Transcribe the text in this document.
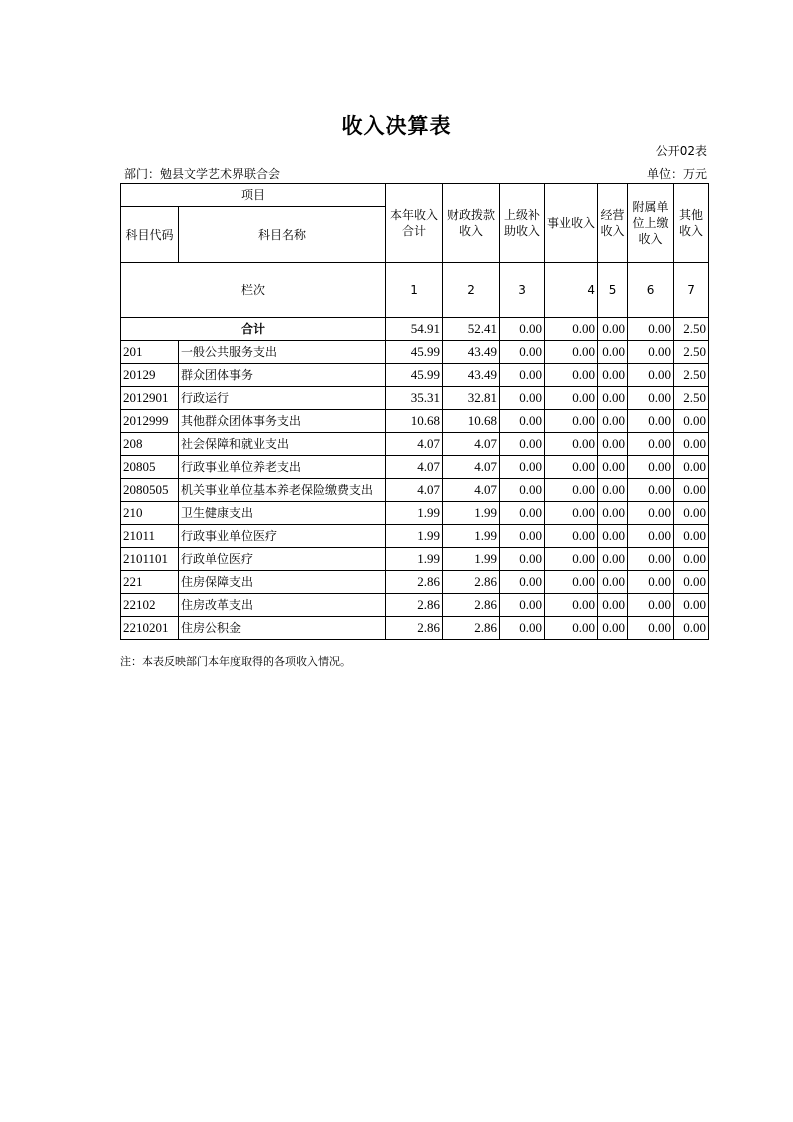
收入决算表
公开02表
部门：勉县文学艺术界联合会	单位：万元
项目		本年收入合计	财政拨款收入	上级补助收入	事业收入	经营收入	附属单位上缴收入	其他收入
科目代码	科目名称							
栏次		1	2	3	4	5	6	7
合计		54.91	52.41	0.00	0.00	0.00	0.00	2.50
201	一般公共服务支出	45.99	43.49	0.00	0.00	0.00	0.00	2.50
20129	群众团体事务	45.99	43.49	0.00	0.00	0.00	0.00	2.50
2012901	行政运行	35.31	32.81	0.00	0.00	0.00	0.00	2.50
2012999	其他群众团体事务支出	10.68	10.68	0.00	0.00	0.00	0.00	0.00
208	社会保障和就业支出	4.07	4.07	0.00	0.00	0.00	0.00	0.00
20805	行政事业单位养老支出	4.07	4.07	0.00	0.00	0.00	0.00	0.00
2080505	机关事业单位基本养老保险缴费支出	4.07	4.07	0.00	0.00	0.00	0.00	0.00
210	卫生健康支出	1.99	1.99	0.00	0.00	0.00	0.00	0.00
21011	行政事业单位医疗	1.99	1.99	0.00	0.00	0.00	0.00	0.00
2101101	行政单位医疗	1.99	1.99	0.00	0.00	0.00	0.00	0.00
221	住房保障支出	2.86	2.86	0.00	0.00	0.00	0.00	0.00
22102	住房改革支出	2.86	2.86	0.00	0.00	0.00	0.00	0.00
2210201	住房公积金	2.86	2.86	0.00	0.00	0.00	0.00	0.00
注：本表反映部门本年度取得的各项收入情况。
